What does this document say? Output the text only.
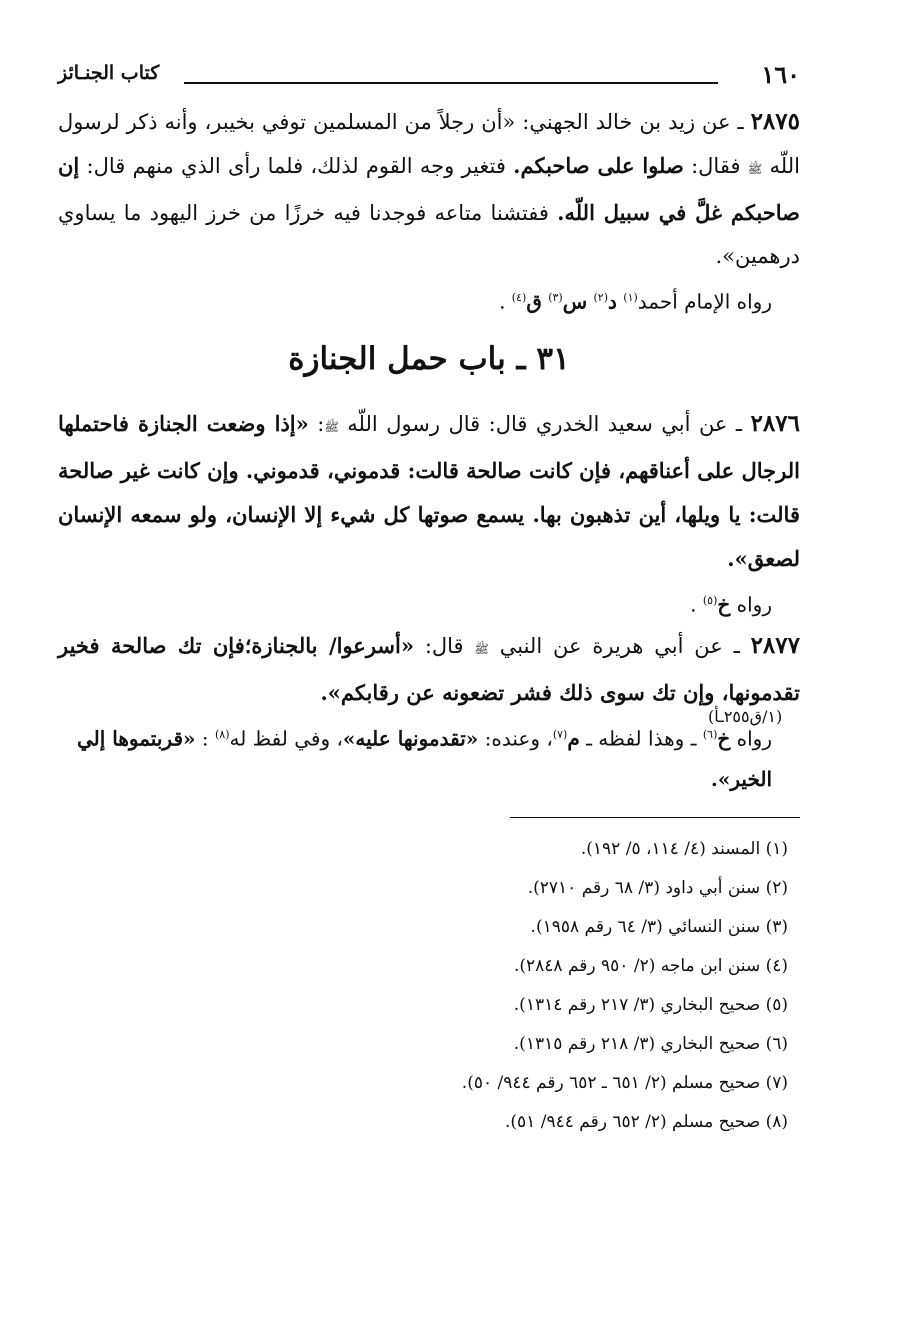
١٦٠
كتاب الجنـائز

٢٨٧٥ ـ عن زيد بن خالد الجهني: «أن رجلاً من المسلمين توفي بخيبر، وأنه ذكر لرسول اللّه ﷺ فقال: صلوا على صاحبكم. فتغير وجه القوم لذلك، فلما رأى الذي منهم قال: إن صاحبكم غلَّ في سبيل اللّه. ففتشنا متاعه فوجدنا فيه خرزًا من خرز اليهود ما يساوي درهمين».

رواه الإمام أحمد$^{(١)}$ د$^{(٢)}$ س$^{(٣)}$ ق$^{(٤)}$ .

٣١ ـ باب حمل الجنازة

٢٨٧٦ ـ عن أبي سعيد الخدري قال: قال رسول اللّه ﷺ: «إذا وضعت الجنازة فاحتملها الرجال على أعناقهم، فإن كانت صالحة قالت: قدموني، قدموني. وإن كانت غير صالحة قالت: يا ويلها، أين تذهبون بها. يسمع صوتها كل شيء إلا الإنسان، ولو سمعه الإنسان لصعق».

رواه خ$^{(٥)}$ .

٢٨٧٧ ـ عن أبي هريرة عن النبي ﷺ قال: «أسرعوا/ بالجنازة؛فإن تك صالحة فخير تقدمونها، وإن تك سوى ذلك فشر تضعونه عن رقابكم».

رواه خ$^{(٦)}$ ـ وهذا لفظه ـ م$^{(٧)}$، وعنده: «تقدمونها عليه»، وفي لفظ له$^{(٨)}$ : «قربتموها إلي الخير».

(١) المسند (٤/ ١١٤، ٥/ ١٩٢).
(٢) سنن أبي داود (٣/ ٦٨ رقم ٢٧١٠).
(٣) سنن النسائي (٣/ ٦٤ رقم ١٩٥٨).
(٤) سنن ابن ماجه (٢/ ٩٥٠ رقم ٢٨٤٨).
(٥) صحيح البخاري (٣/ ٢١٧ رقم ١٣١٤).
(٦) صحيح البخاري (٣/ ٢١٨ رقم ١٣١٥).
(٧) صحيح مسلم (٢/ ٦٥١ ـ ٦٥٢ رقم ٩٤٤/ ٥٠).
(٨) صحيح مسلم (٢/ ٦٥٢ رقم ٩٤٤/ ٥١).
(١/ق٢٥٥ـأ)
